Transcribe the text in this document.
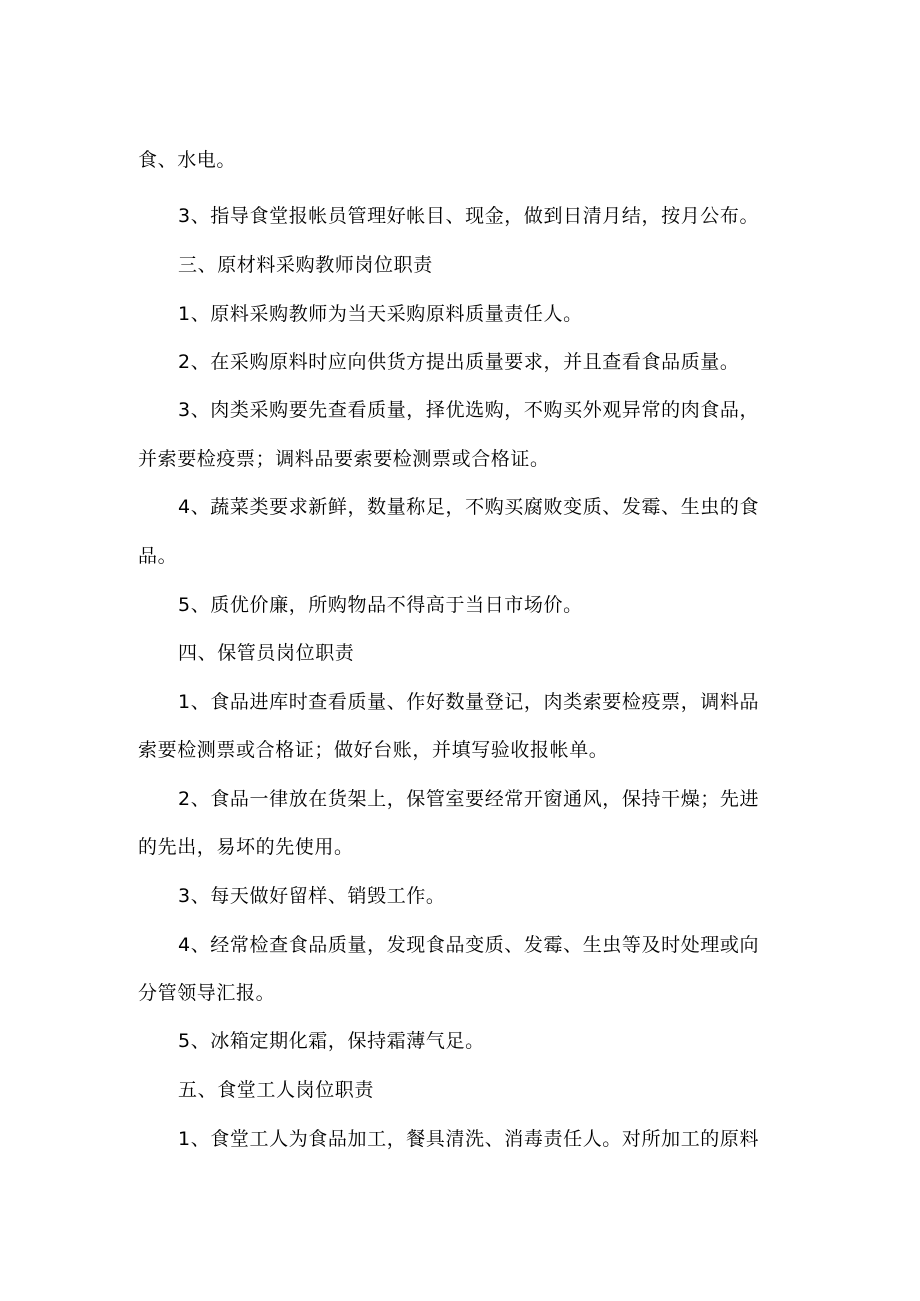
食、水电。
3、指导食堂报帐员管理好帐目、现金，做到日清月结，按月公布。
三、原材料采购教师岗位职责
1、原料采购教师为当天采购原料质量责任人。
2、在采购原料时应向供货方提出质量要求，并且查看食品质量。
3、肉类采购要先查看质量，择优选购，不购买外观异常的肉食品，
并索要检疫票；调料品要索要检测票或合格证。
4、蔬菜类要求新鲜，数量称足，不购买腐败变质、发霉、生虫的食
品。
5、质优价廉，所购物品不得高于当日市场价。
四、保管员岗位职责
1、食品进库时查看质量、作好数量登记，肉类索要检疫票，调料品
索要检测票或合格证；做好台账，并填写验收报帐单。
2、食品一律放在货架上，保管室要经常开窗通风，保持干燥；先进
的先出，易坏的先使用。
3、每天做好留样、销毁工作。
4、经常检查食品质量，发现食品变质、发霉、生虫等及时处理或向
分管领导汇报。
5、冰箱定期化霜，保持霜薄气足。
五、食堂工人岗位职责
1、食堂工人为食品加工，餐具清洗、消毒责任人。对所加工的原料
